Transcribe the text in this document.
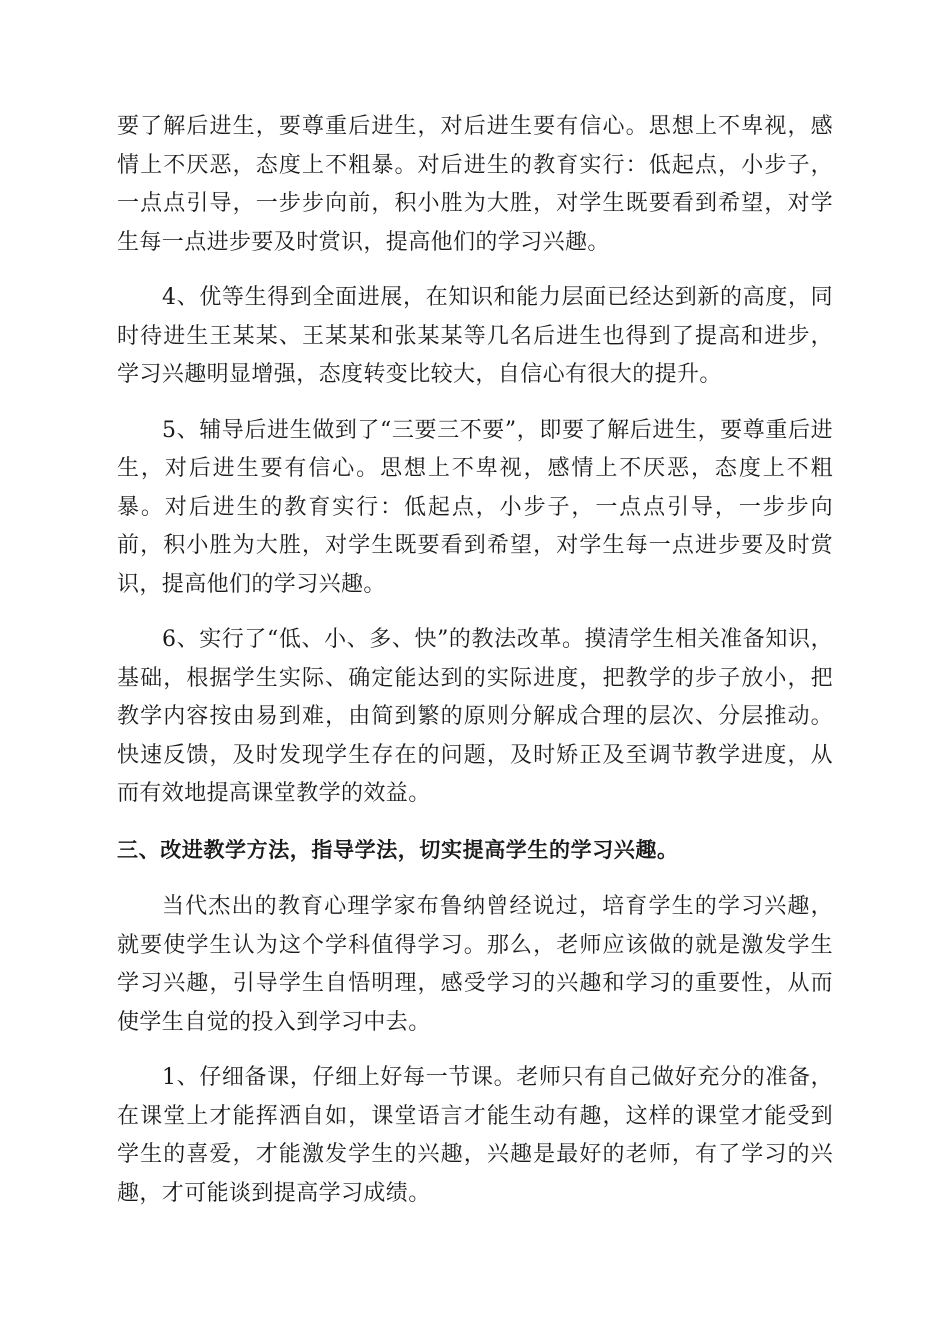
要了解后进生，要尊重后进生，对后进生要有信心。思想上不卑视，感情上不厌恶，态度上不粗暴。对后进生的教育实行：低起点，小步子，一点点引导，一步步向前，积小胜为大胜，对学生既要看到希望，对学生每一点进步要及时赏识，提高他们的学习兴趣。

4、优等生得到全面进展，在知识和能力层面已经达到新的高度，同时待进生王某某、王某某和张某某等几名后进生也得到了提高和进步，学习兴趣明显增强，态度转变比较大，自信心有很大的提升。

5、辅导后进生做到了“三要三不要”，即要了解后进生，要尊重后进生，对后进生要有信心。思想上不卑视，感情上不厌恶，态度上不粗暴。对后进生的教育实行：低起点，小步子，一点点引导，一步步向前，积小胜为大胜，对学生既要看到希望，对学生每一点进步要及时赏识，提高他们的学习兴趣。

6、实行了“低、小、多、快”的教法改革。摸清学生相关准备知识，基础，根据学生实际、确定能达到的实际进度，把教学的步子放小，把教学内容按由易到难，由简到繁的原则分解成合理的层次、分层推动。快速反馈，及时发现学生存在的问题，及时矫正及至调节教学进度，从而有效地提高课堂教学的效益。

三、改进教学方法，指导学法，切实提高学生的学习兴趣。

当代杰出的教育心理学家布鲁纳曾经说过，培育学生的学习兴趣，就要使学生认为这个学科值得学习。那么，老师应该做的就是激发学生学习兴趣，引导学生自悟明理，感受学习的兴趣和学习的重要性，从而使学生自觉的投入到学习中去。

1、仔细备课，仔细上好每一节课。老师只有自己做好充分的准备，在课堂上才能挥洒自如，课堂语言才能生动有趣，这样的课堂才能受到学生的喜爱，才能激发学生的兴趣，兴趣是最好的老师，有了学习的兴趣，才可能谈到提高学习成绩。
